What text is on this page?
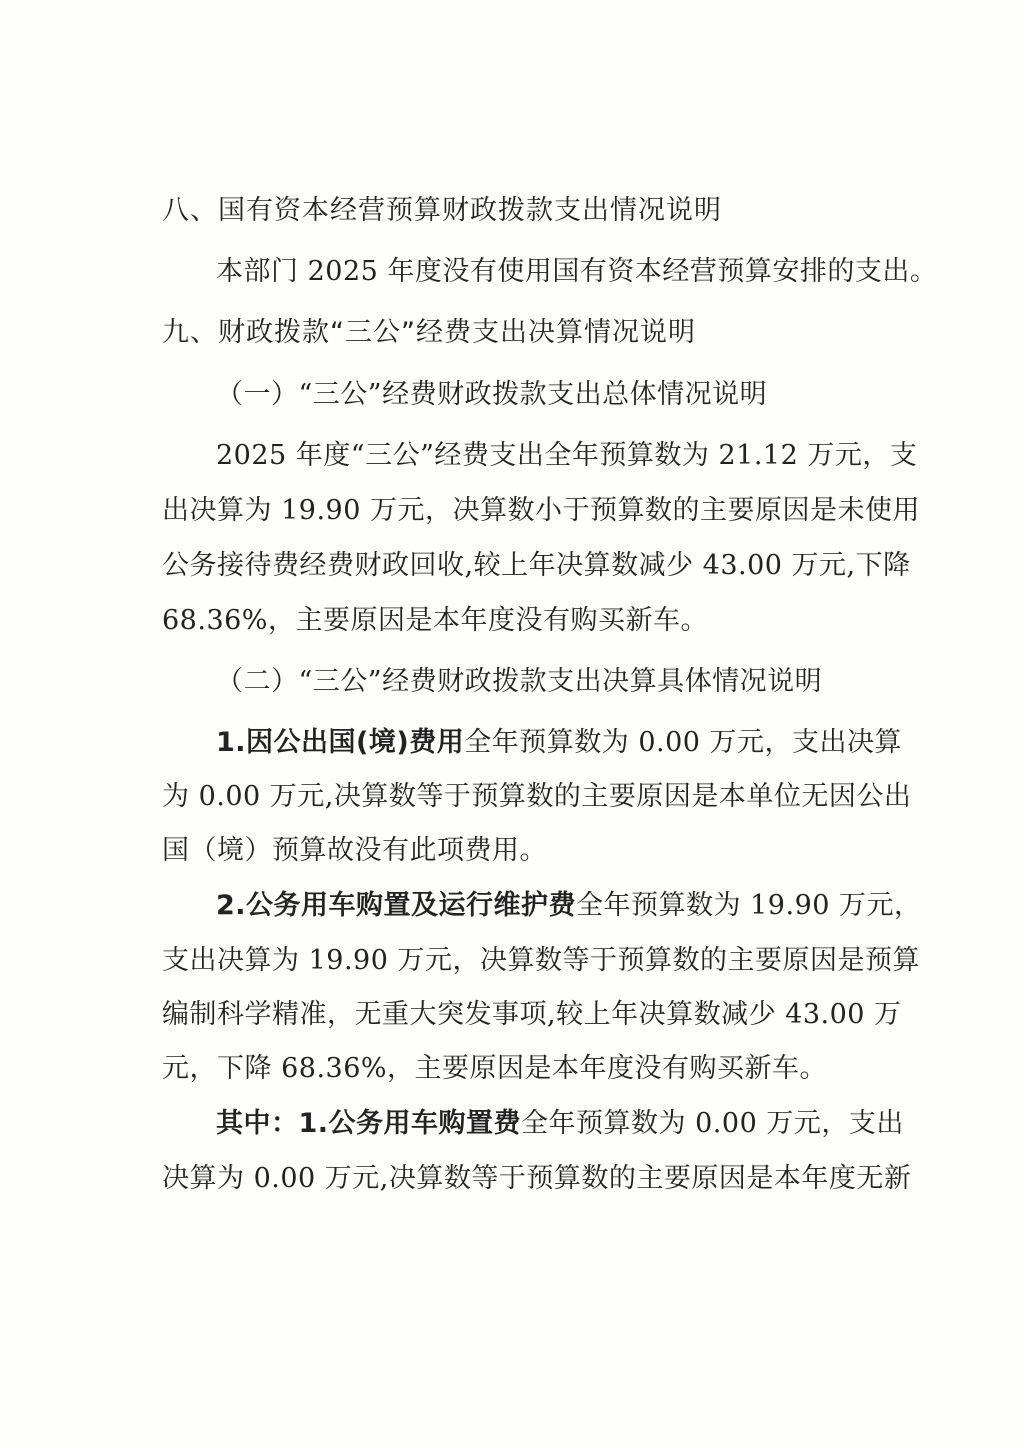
八、国有资本经营预算财政拨款支出情况说明
本部门 2025 年度没有使用国有资本经营预算安排的支出。
九、财政拨款“三公”经费支出决算情况说明
（一）“三公”经费财政拨款支出总体情况说明
2025 年度“三公”经费支出全年预算数为 21.12 万元，支
出决算为 19.90 万元，决算数小于预算数的主要原因是未使用
公务接待费经费财政回收,较上年决算数减少 43.00 万元,下降
68.36%，主要原因是本年度没有购买新车。
（二）“三公”经费财政拨款支出决算具体情况说明
1.因公出国(境)费用全年预算数为 0.00 万元，支出决算
为 0.00 万元,决算数等于预算数的主要原因是本单位无因公出
国（境）预算故没有此项费用。
2.公务用车购置及运行维护费全年预算数为 19.90 万元，
支出决算为 19.90 万元，决算数等于预算数的主要原因是预算
编制科学精准，无重大突发事项,较上年决算数减少 43.00 万
元，下降 68.36%，主要原因是本年度没有购买新车。
其中：1.公务用车购置费全年预算数为 0.00 万元，支出
决算为 0.00 万元,决算数等于预算数的主要原因是本年度无新
